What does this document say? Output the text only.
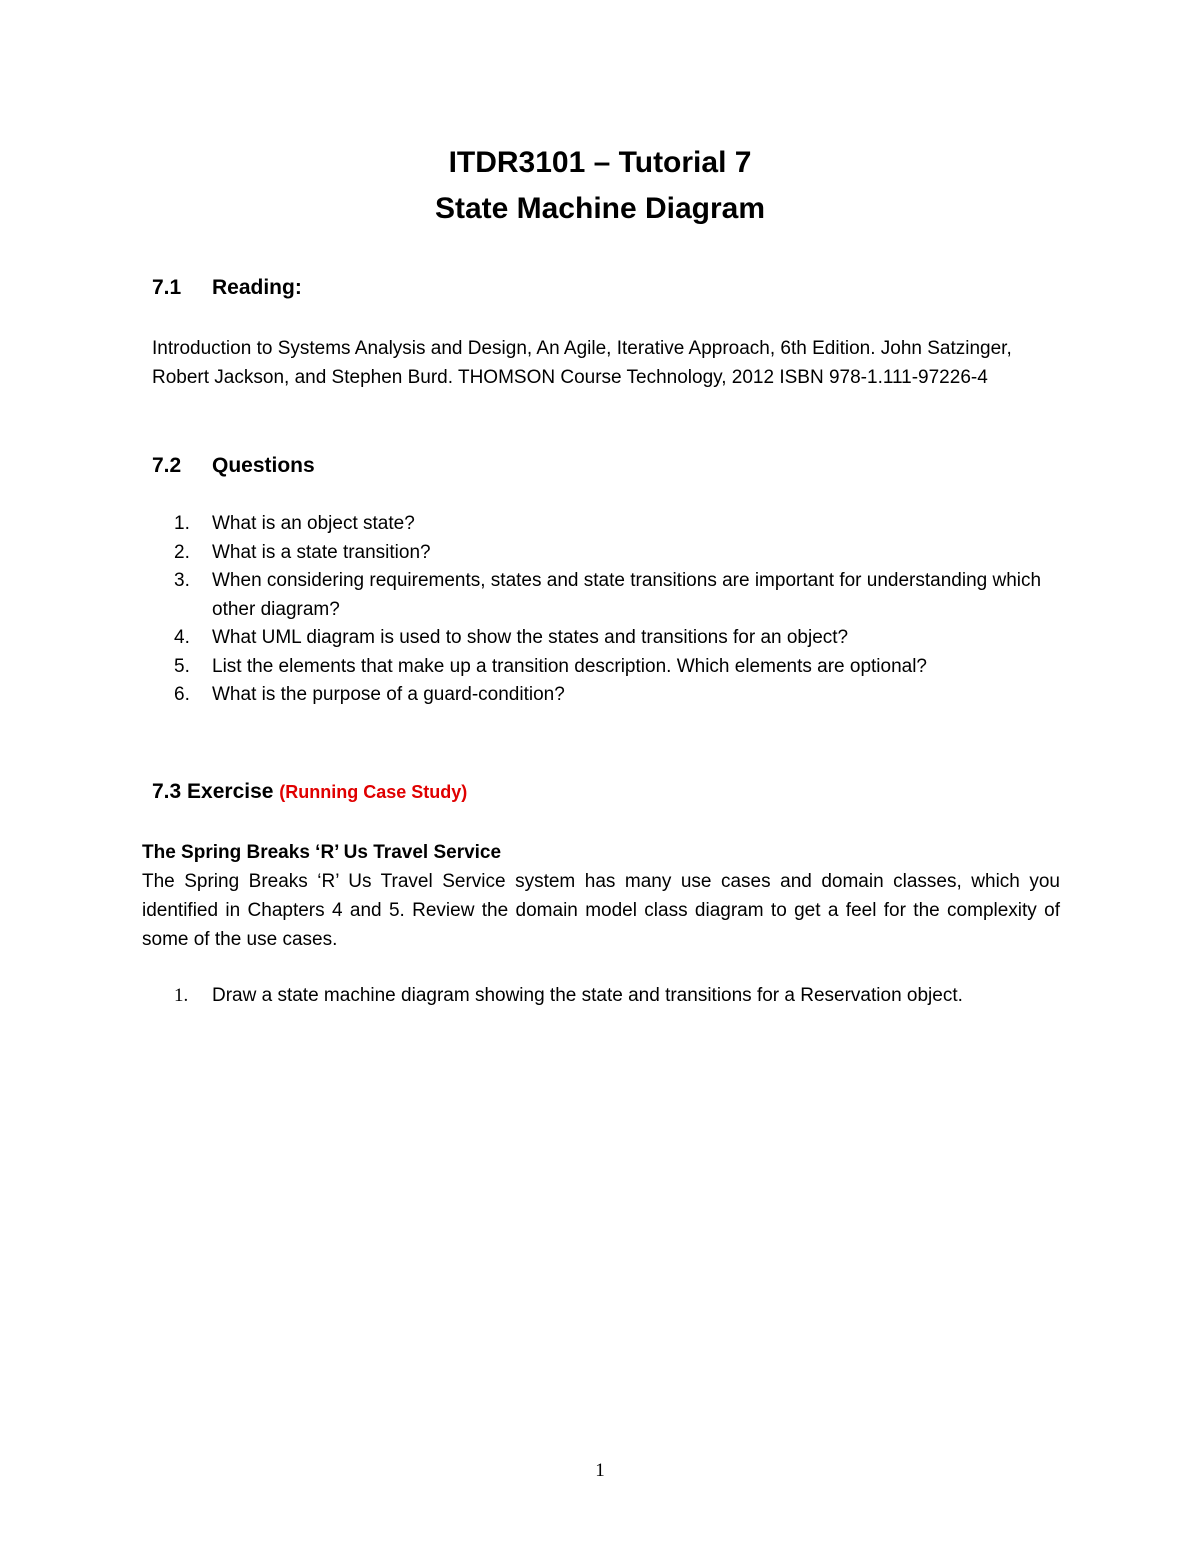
ITDR3101 – Tutorial 7
State Machine Diagram
7.1 Reading:
Introduction to Systems Analysis and Design, An Agile, Iterative Approach, 6th Edition. John Satzinger, Robert Jackson, and Stephen Burd. THOMSON Course Technology, 2012 ISBN 978-1.111-97226-4
7.2 Questions
1. What is an object state?
2. What is a state transition?
3. When considering requirements, states and state transitions are important for understanding which other diagram?
4. What UML diagram is used to show the states and transitions for an object?
5. List the elements that make up a transition description. Which elements are optional?
6. What is the purpose of a guard-condition?
7.3 Exercise (Running Case Study)
The Spring Breaks ‘R’ Us Travel Service
The Spring Breaks ‘R’ Us Travel Service system has many use cases and domain classes, which you identified in Chapters 4 and 5. Review the domain model class diagram to get a feel for the complexity of some of the use cases.
1. Draw a state machine diagram showing the state and transitions for a Reservation object.
1
